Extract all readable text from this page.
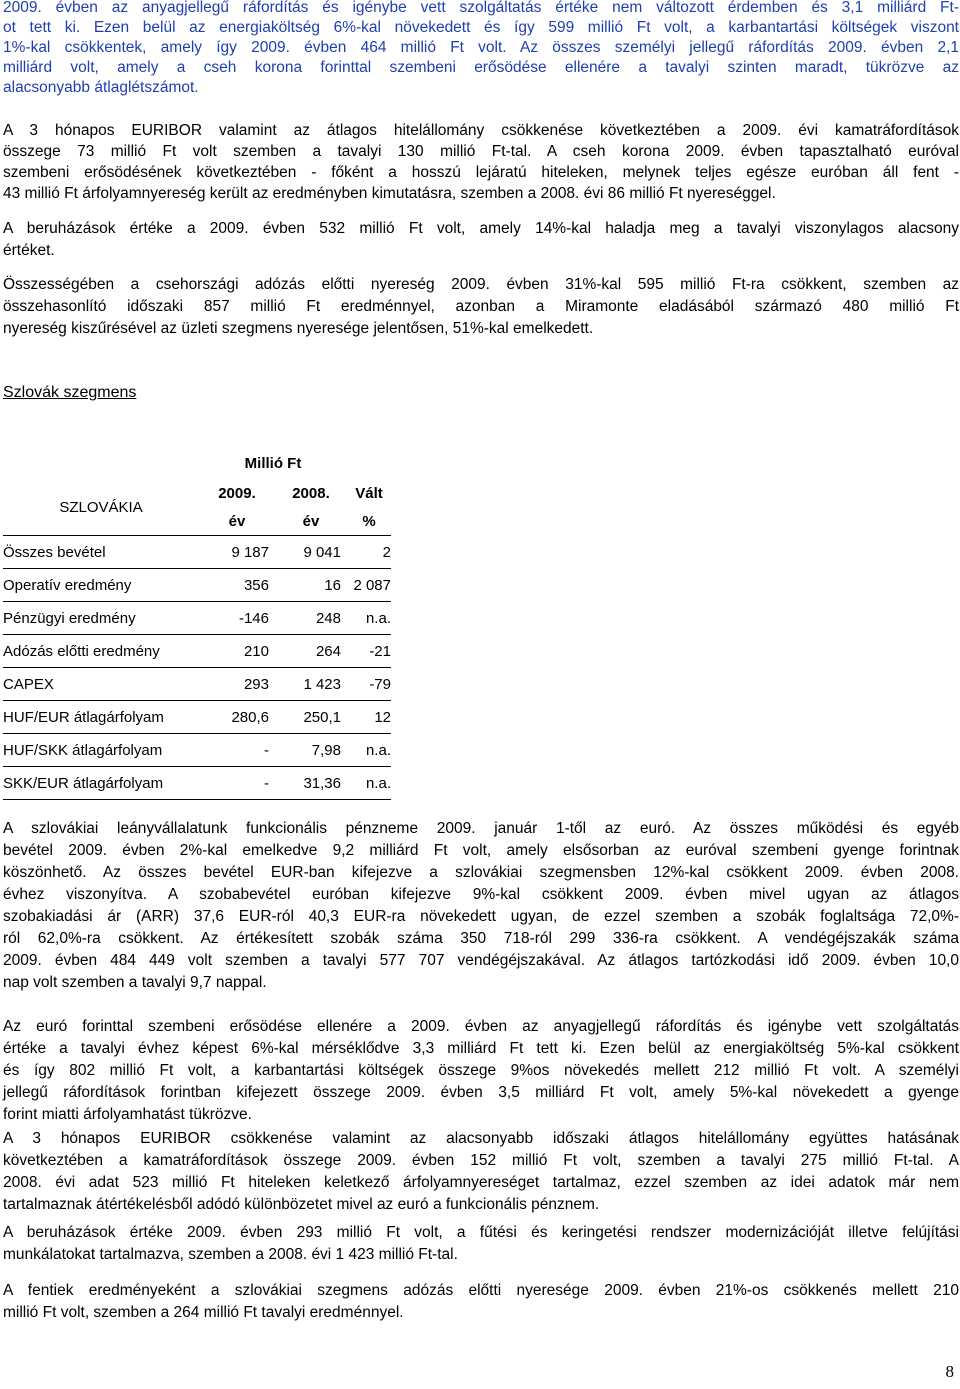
2009. évben az anyagjellegű ráfordítás és igénybe vett szolgáltatás értéke nem változott érdemben és 3,1 milliárd Ft-
ot tett ki. Ezen belül az energiaköltség 6%-kal növekedett és így 599 millió Ft volt, a karbantartási költségek viszont
1%-kal csökkentek, amely így 2009. évben 464 millió Ft volt. Az összes személyi jellegű ráfordítás 2009. évben 2,1
milliárd volt, amely a cseh korona forinttal szembeni erősödése ellenére a tavalyi szinten maradt, tükrözve az
alacsonyabb átlaglétszámot.
A 3 hónapos EURIBOR valamint az átlagos hitelállomány csökkenése következtében a 2009. évi kamatráfordítások
összege 73 millió Ft volt szemben a tavalyi 130 millió Ft-tal. A cseh korona 2009. évben tapasztalható euróval
szembeni erősödésének következtében - főként a hosszú lejáratú hiteleken, melynek teljes egésze euróban áll fent -
43 millió Ft árfolyamnyereség került az eredményben kimutatásra, szemben a 2008. évi 86 millió Ft nyereséggel.
A beruházások értéke a 2009. évben 532 millió Ft volt, amely 14%-kal haladja meg a tavalyi viszonylagos alacsony
értéket.
Összességében a csehországi adózás előtti nyereség 2009. évben 31%-kal 595 millió Ft-ra csökkent, szemben az
összehasonlító időszaki 857 millió Ft eredménnyel, azonban a Miramonte eladásából származó 480 millió Ft
nyereség kiszűrésével az üzleti szegmens nyeresége jelentősen, 51%-kal emelkedett.
Szlovák szegmens
	Millió Ft		
SZLOVÁKIA	2009.	2008.	Vált
	év	év	%
Összes bevétel	9 187	9 041	2
Operatív eredmény	356	16	2 087
Pénzügyi eredmény	-146	248	n.a.
Adózás előtti eredmény	210	264	-21
CAPEX	293	1 423	-79
HUF/EUR átlagárfolyam	280,6	250,1	12
HUF/SKK átlagárfolyam	-	7,98	n.a.
SKK/EUR átlagárfolyam	-	31,36	n.a.
A szlovákiai leányvállalatunk funkcionális pénzneme 2009. január 1-től az euró. Az összes működési és egyéb
bevétel 2009. évben 2%-kal emelkedve 9,2 milliárd Ft volt, amely elsősorban az euróval szembeni gyenge forintnak
köszönhető. Az összes bevétel EUR-ban kifejezve a szlovákiai szegmensben 12%-kal csökkent 2009. évben 2008.
évhez viszonyítva. A szobabevétel euróban kifejezve 9%-kal csökkent 2009. évben mivel ugyan az átlagos
szobakiadási ár (ARR) 37,6 EUR-ról 40,3 EUR-ra növekedett ugyan, de ezzel szemben a szobák foglaltsága 72,0%-
ról 62,0%-ra csökkent. Az értékesített szobák száma 350 718-ról 299 336-ra csökkent. A vendégéjszakák száma
2009. évben 484 449 volt szemben a tavalyi 577 707 vendégéjszakával. Az átlagos tartózkodási idő 2009. évben 10,0
nap volt szemben a tavalyi 9,7 nappal.
Az euró forinttal szembeni erősödése ellenére a 2009. évben az anyagjellegű ráfordítás és igénybe vett szolgáltatás
értéke a tavalyi évhez képest 6%-kal mérséklődve 3,3 milliárd Ft tett ki. Ezen belül az energiaköltség 5%-kal csökkent
és így 802 millió Ft volt, a karbantartási költségek összege 9%os növekedés mellett 212 millió Ft volt. A személyi
jellegű ráfordítások forintban kifejezett összege 2009. évben 3,5 milliárd Ft volt, amely 5%-kal növekedett a gyenge
forint miatti árfolyamhatást tükrözve.
A 3 hónapos EURIBOR csökkenése valamint az alacsonyabb időszaki átlagos hitelállomány együttes hatásának
következtében a kamatráfordítások összege 2009. évben 152 millió Ft volt, szemben a tavalyi 275 millió Ft-tal. A
2008. évi adat 523 millió Ft hiteleken keletkező árfolyamnyereséget tartalmaz, ezzel szemben az idei adatok már nem
tartalmaznak átértékelésből adódó különbözetet mivel az euró a funkcionális pénznem.
A beruházások értéke 2009. évben 293 millió Ft volt, a fűtési és keringetési rendszer modernizációját illetve felújítási
munkálatokat tartalmazva, szemben a 2008. évi 1 423 millió Ft-tal.
A fentiek eredményeként a szlovákiai szegmens adózás előtti nyeresége 2009. évben 21%-os csökkenés mellett 210
millió Ft volt, szemben a 264 millió Ft tavalyi eredménnyel.
8
